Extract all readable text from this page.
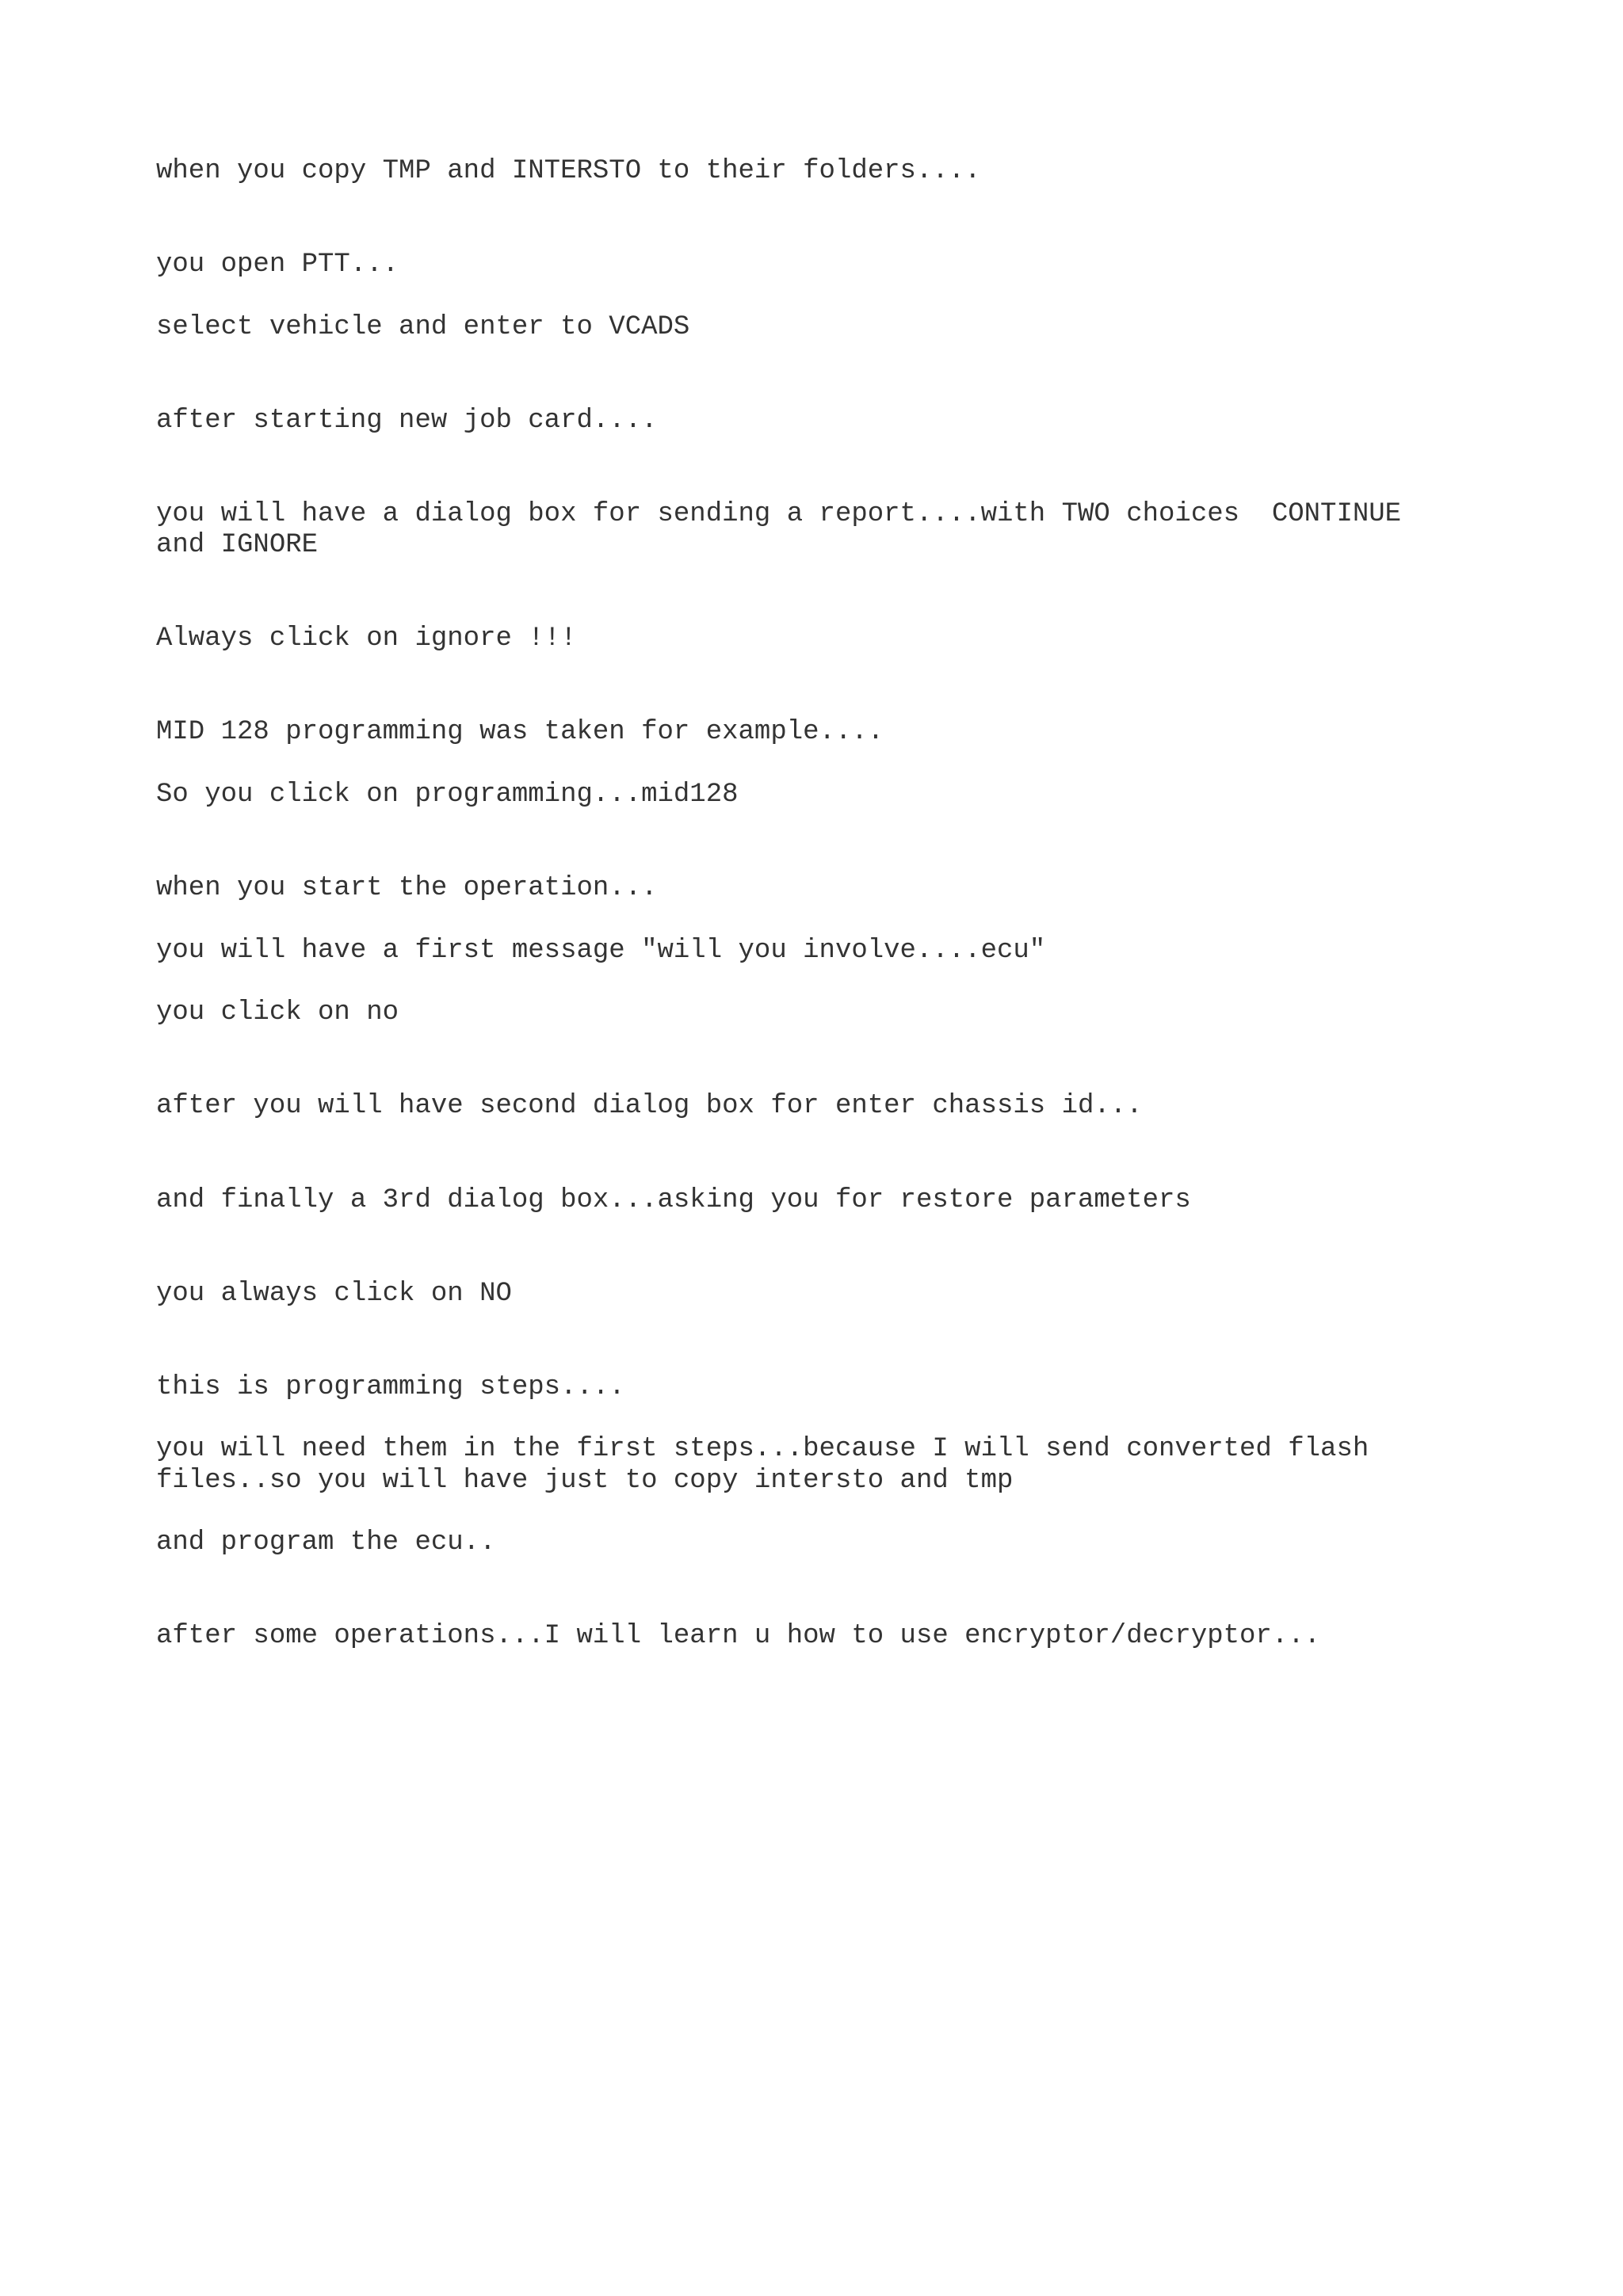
when you copy TMP and INTERSTO to their folders....

you open PTT...

select vehicle and enter to VCADS

after starting new job card....

you will have a dialog box for sending a report....with TWO choices  CONTINUE

and IGNORE

Always click on ignore !!!

MID 128 programming was taken for example....

So you click on programming...mid128

when you start the operation...

you will have a first message "will you involve....ecu"

you click on no

after you will have second dialog box for enter chassis id...

and finally a 3rd dialog box...asking you for restore parameters

you always click on NO

this is programming steps....

you will need them in the first steps...because I will send converted flash

files..so you will have just to copy intersto and tmp

and program the ecu..

after some operations...I will learn u how to use encryptor/decryptor...
